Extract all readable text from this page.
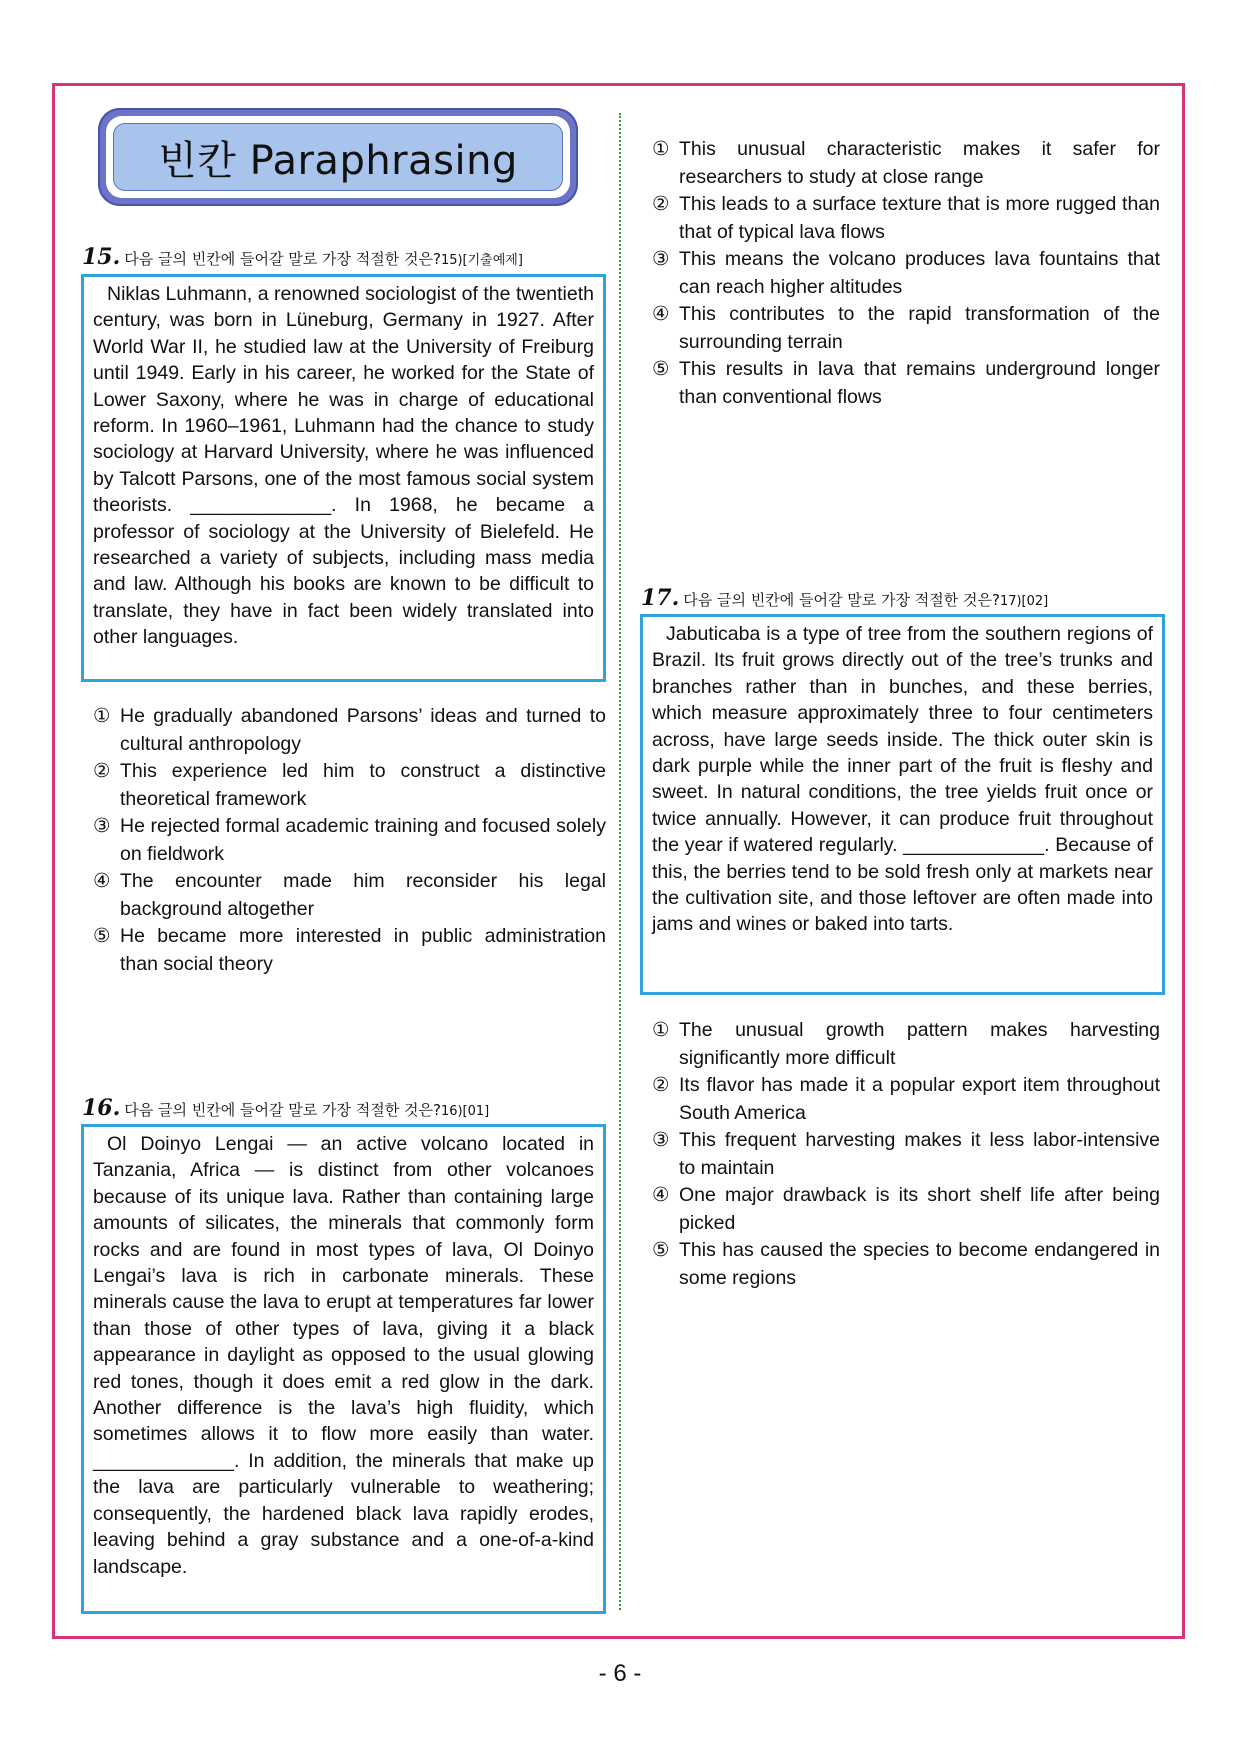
빈칸 Paraphrasing
15. 다음 글의 빈칸에 들어갈 말로 가장 적절한 것은?15)[기출예제]
Niklas Luhmann, a renowned sociologist of the twentieth century, was born in Lüneburg, Germany in 1927. After World War II, he studied law at the University of Freiburg until 1949. Early in his career, he worked for the State of Lower Saxony, where he was in charge of educational reform. In 1960–1961, Luhmann had the chance to study sociology at Harvard University, where he was influenced by Talcott Parsons, one of the most famous social system theorists. _____________. In 1968, he became a professor of sociology at the University of Bielefeld. He researched a variety of subjects, including mass media and law. Although his books are known to be difficult to translate, they have in fact been widely translated into other languages.
① He gradually abandoned Parsons’ ideas and turned to cultural anthropology
② This experience led him to construct a distinctive theoretical framework
③ He rejected formal academic training and focused solely on fieldwork
④ The encounter made him reconsider his legal background altogether
⑤ He became more interested in public administration than social theory
16. 다음 글의 빈칸에 들어갈 말로 가장 적절한 것은?16)[01]
Ol Doinyo Lengai — an active volcano located in Tanzania, Africa — is distinct from other volcanoes because of its unique lava. Rather than containing large amounts of silicates, the minerals that commonly form rocks and are found in most types of lava, Ol Doinyo Lengai’s lava is rich in carbonate minerals. These minerals cause the lava to erupt at temperatures far lower than those of other types of lava, giving it a black appearance in daylight as opposed to the usual glowing red tones, though it does emit a red glow in the dark. Another difference is the lava’s high fluidity, which sometimes allows it to flow more easily than water. _____________. In addition, the minerals that make up the lava are particularly vulnerable to weathering; consequently, the hardened black lava rapidly erodes, leaving behind a gray substance and a one-of-a-kind landscape.
① This unusual characteristic makes it safer for researchers to study at close range
② This leads to a surface texture that is more rugged than that of typical lava flows
③ This means the volcano produces lava fountains that can reach higher altitudes
④ This contributes to the rapid transformation of the surrounding terrain
⑤ This results in lava that remains underground longer than conventional flows
17. 다음 글의 빈칸에 들어갈 말로 가장 적절한 것은?17)[02]
Jabuticaba is a type of tree from the southern regions of Brazil. Its fruit grows directly out of the tree’s trunks and branches rather than in bunches, and these berries, which measure approximately three to four centimeters across, have large seeds inside. The thick outer skin is dark purple while the inner part of the fruit is fleshy and sweet. In natural conditions, the tree yields fruit once or twice annually. However, it can produce fruit throughout the year if watered regularly. _____________. Because of this, the berries tend to be sold fresh only at markets near the cultivation site, and those leftover are often made into jams and wines or baked into tarts.
① The unusual growth pattern makes harvesting significantly more difficult
② Its flavor has made it a popular export item throughout South America
③ This frequent harvesting makes it less labor-intensive to maintain
④ One major drawback is its short shelf life after being picked
⑤ This has caused the species to become endangered in some regions
- 6 -
